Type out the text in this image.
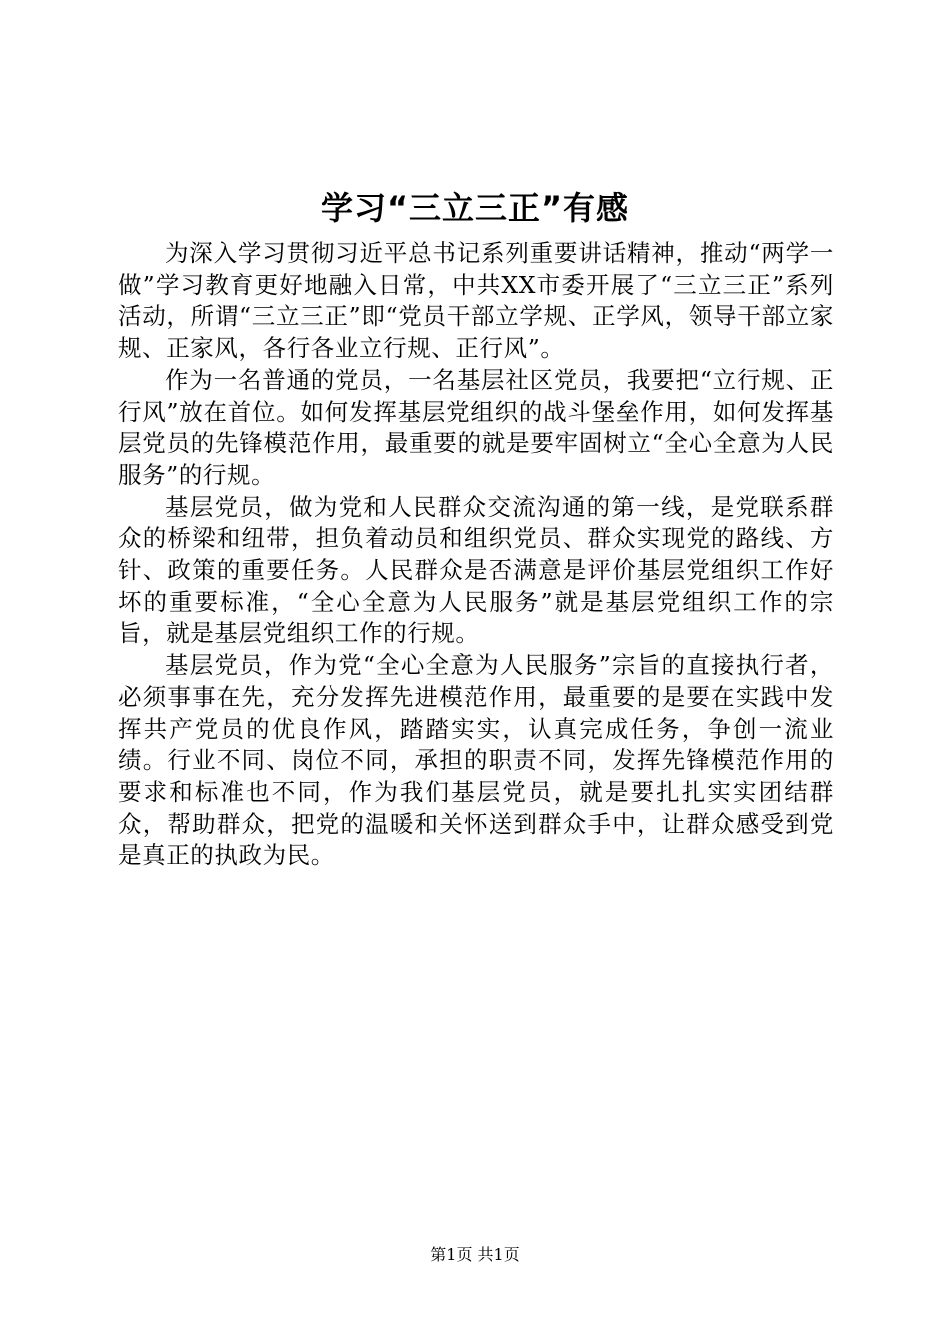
学习“三立三正”有感

为深入学习贯彻习近平总书记系列重要讲话精神，推动“两学一做”学习教育更好地融入日常，中共XX市委开展了“三立三正”系列活动，所谓“三立三正”即“党员干部立学规、正学风，领导干部立家规、正家风，各行各业立行规、正行风”。

作为一名普通的党员，一名基层社区党员，我要把“立行规、正行风”放在首位。如何发挥基层党组织的战斗堡垒作用，如何发挥基层党员的先锋模范作用，最重要的就是要牢固树立“全心全意为人民服务”的行规。

基层党员，做为党和人民群众交流沟通的第一线，是党联系群众的桥梁和纽带，担负着动员和组织党员、群众实现党的路线、方针、政策的重要任务。人民群众是否满意是评价基层党组织工作好坏的重要标准，“全心全意为人民服务”就是基层党组织工作的宗旨，就是基层党组织工作的行规。

基层党员，作为党“全心全意为人民服务”宗旨的直接执行者，必须事事在先，充分发挥先进模范作用，最重要的是要在实践中发挥共产党员的优良作风，踏踏实实，认真完成任务，争创一流业绩。行业不同、岗位不同，承担的职责不同，发挥先锋模范作用的要求和标准也不同，作为我们基层党员，就是要扎扎实实团结群众，帮助群众，把党的温暖和关怀送到群众手中，让群众感受到党是真正的执政为民。

第1页 共1页
